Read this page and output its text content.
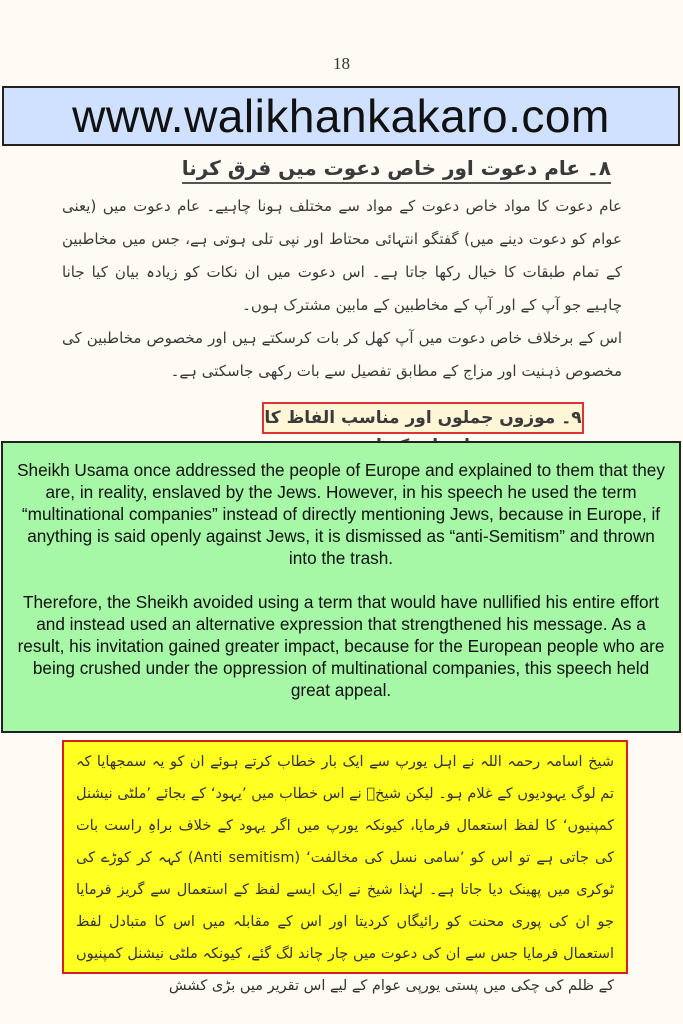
18
www.walikhankakaro.com
۸۔ عام دعوت اور خاص دعوت میں فرق کرنا
عام دعوت کا مواد خاص دعوت کے مواد سے مختلف ہونا چاہیے۔ عام دعوت میں (یعنی عوام کو دعوت دینے میں) گفتگو انتہائی محتاط اور نپی تلی ہوتی ہے، جس میں مخاطبین کے تمام طبقات کا خیال رکھا جاتا ہے۔ اس دعوت میں ان نکات کو زیادہ بیان کیا جانا چاہیے جو آپ کے اور آپ کے مخاطبین کے مابین مشترک ہوں۔
اس کے برخلاف خاص دعوت میں آپ کھل کر بات کرسکتے ہیں اور مخصوص مخاطبین کی مخصوص ذہنیت اور مزاج کے مطابق تفصیل سے بات رکھی جاسکتی ہے۔
۹۔ موزوں جملوں اور مناسب الفاظ کا

Sheikh Usama once addressed the people of Europe and explained to them that they are, in reality, enslaved by the Jews. However, in his speech he used the term “multinational companies” instead of directly mentioning Jews, because in Europe, if anything is said openly against Jews, it is dismissed as “anti-Semitism” and thrown into the trash.

Therefore, the Sheikh avoided using a term that would have nullified his entire effort and instead used an alternative expression that strengthened his message. As a result, his invitation gained greater impact, because for the European people who are being crushed under the oppression of multinational companies, this speech held great appeal.

شیخ اسامہ رحمہ اللہ نے اہل یورپ سے ایک بار خطاب کرتے ہوئے ان کو یہ سمجھایا کہ تم لوگ یہودیوں کے غلام ہو۔ لیکن شیخؒ نے اس خطاب میں ’یہود‘ کے بجائے ’ملٹی نیشنل کمپنیوں‘ کا لفظ استعمال فرمایا، کیونکہ یورپ میں اگر یہود کے خلاف براہِ راست بات کی جاتی ہے تو اس کو ’سامی نسل کی مخالفت‘ (Anti semitism) کہہ کر کوڑے کی ٹوکری میں پھینک دیا جاتا ہے۔ لہٰذا شیخ نے ایک ایسے لفظ کے استعمال سے گریز فرمایا جو ان کی پوری محنت کو رائیگاں کردیتا اور اس کے مقابلہ میں اس کا متبادل لفظ استعمال فرمایا جس سے ان کی دعوت میں چار چاند لگ گئے، کیونکہ ملٹی نیشنل کمپنیوں کے ظلم کی چکی میں پستی یورپی عوام کے لیے اس تقریر میں بڑی کشش
